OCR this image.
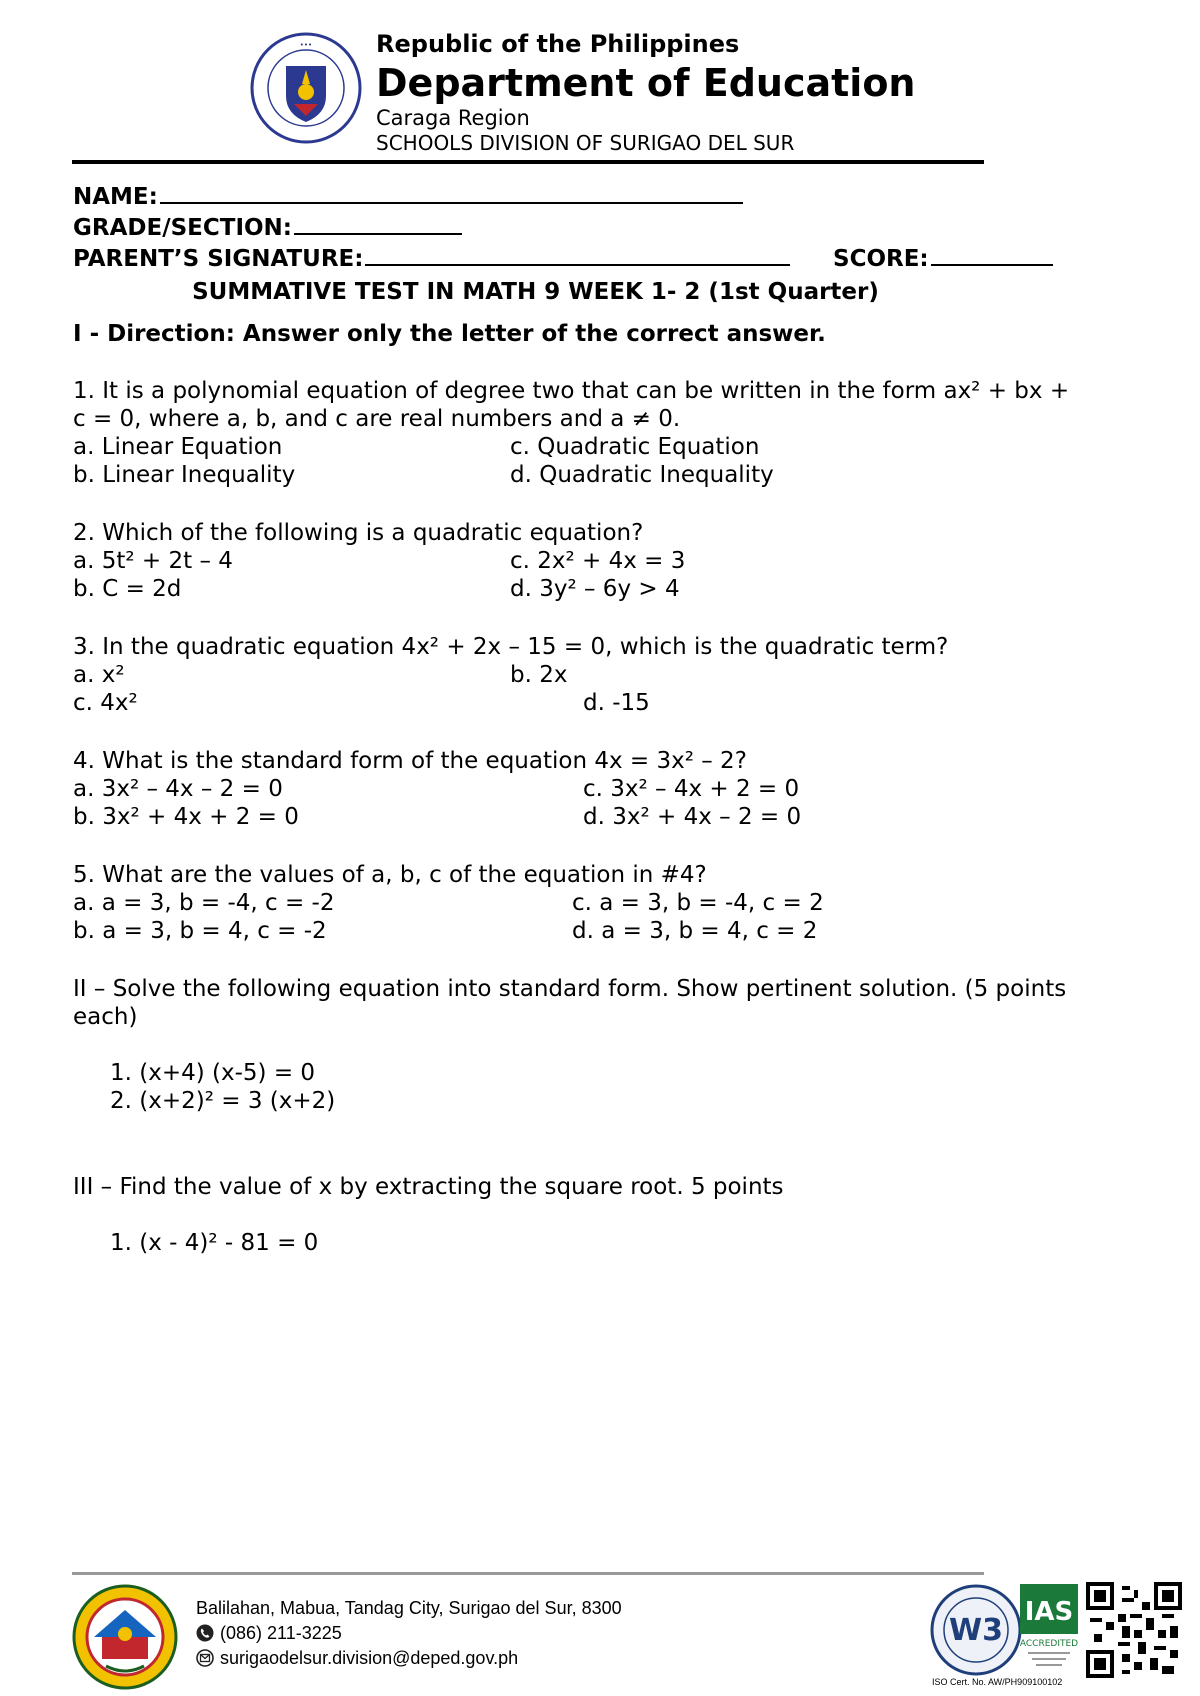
•••	Republic of the Philippines
Department of Education
Caraga Region
SCHOOLS DIVISION OF SURIGAO DEL SUR
NAME:
GRADE/SECTION:
PARENT’S SIGNATURE:	SCORE:
SUMMATIVE TEST IN MATH 9 WEEK 1- 2 (1st Quarter)
I - Direction: Answer only the letter of the correct answer.
1. It is a polynomial equation of degree two that can be written in the form ax² + bx +
c = 0, where a, b, and c are real numbers and a ≠ 0.
a. Linear Equation	c. Quadratic Equation
b. Linear Inequality	d. Quadratic Inequality
2. Which of the following is a quadratic equation?
a. 5t² + 2t – 4	c. 2x² + 4x = 3
b. C = 2d	d. 3y² – 6y > 4
3. In the quadratic equation 4x² + 2x – 15 = 0, which is the quadratic term?
a. x²	b. 2x
c. 4x²	d. -15
4. What is the standard form of the equation 4x = 3x² – 2?
a. 3x² – 4x – 2 = 0	c. 3x² – 4x + 2 = 0
b. 3x² + 4x + 2 = 0	d. 3x² + 4x – 2 = 0
5. What are the values of a, b, c of the equation in #4?
a. a = 3, b = -4, c = -2	c. a = 3, b = -4, c = 2
b. a = 3, b = 4, c = -2	d. a = 3, b = 4, c = 2
II – Solve the following equation into standard form. Show pertinent solution. (5 points
each)
1. (x+4) (x-5) = 0
2. (x+2)² = 3 (x+2)
III – Find the value of x by extracting the square root. 5 points
1. (x - 4)² - 81 = 0
Balilahan, Mabua, Tandag City, Surigao del Sur, 8300
(086) 211-3225
surigaodelsur.division@deped.gov.ph
W3
IAS
ACCREDITED
ISO Cert. No. AW/PH909100102
